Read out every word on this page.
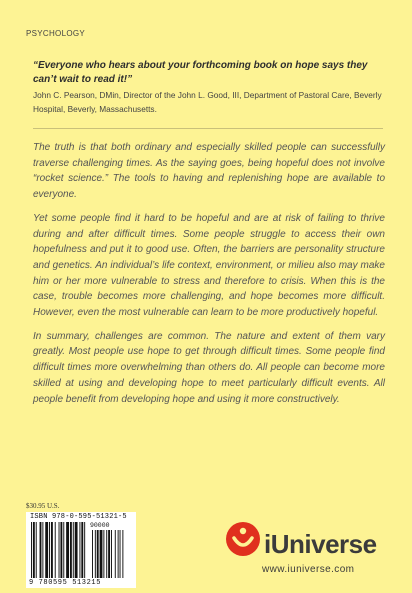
PSYCHOLOGY
“Everyone who hears about your forthcoming book on hope says they can’t wait to read it!”
John C. Pearson, DMin, Director of the John L. Good, III, Department of Pastoral Care, Beverly Hospital, Beverly, Massachusetts.

The truth is that both ordinary and especially skilled people can successfully traverse challenging times. As the saying goes, being hopeful does not involve “rocket science.” The tools to having and replenishing hope are available to everyone.

Yet some people find it hard to be hopeful and are at risk of failing to thrive during and after difficult times. Some people struggle to access their own hopefulness and put it to good use. Often, the barriers are personality structure and genetics. An individual’s life context, environment, or milieu also may make him or her more vulnerable to stress and therefore to crisis. When this is the case, trouble becomes more challenging, and hope becomes more difficult. However, even the most vulnerable can learn to be more productively hopeful.

In summary, challenges are common. The nature and extent of them vary greatly. Most people use hope to get through difficult times. Some people find difficult times more overwhelming than others do. All people can become more skilled at using and developing hope to meet particularly difficult events. All people benefit from developing hope and using it more constructively.

$30.95 U.S.
ISBN 978-0-595-51321-5
90000
9 780595 513215
iUniverse
www.iuniverse.com
